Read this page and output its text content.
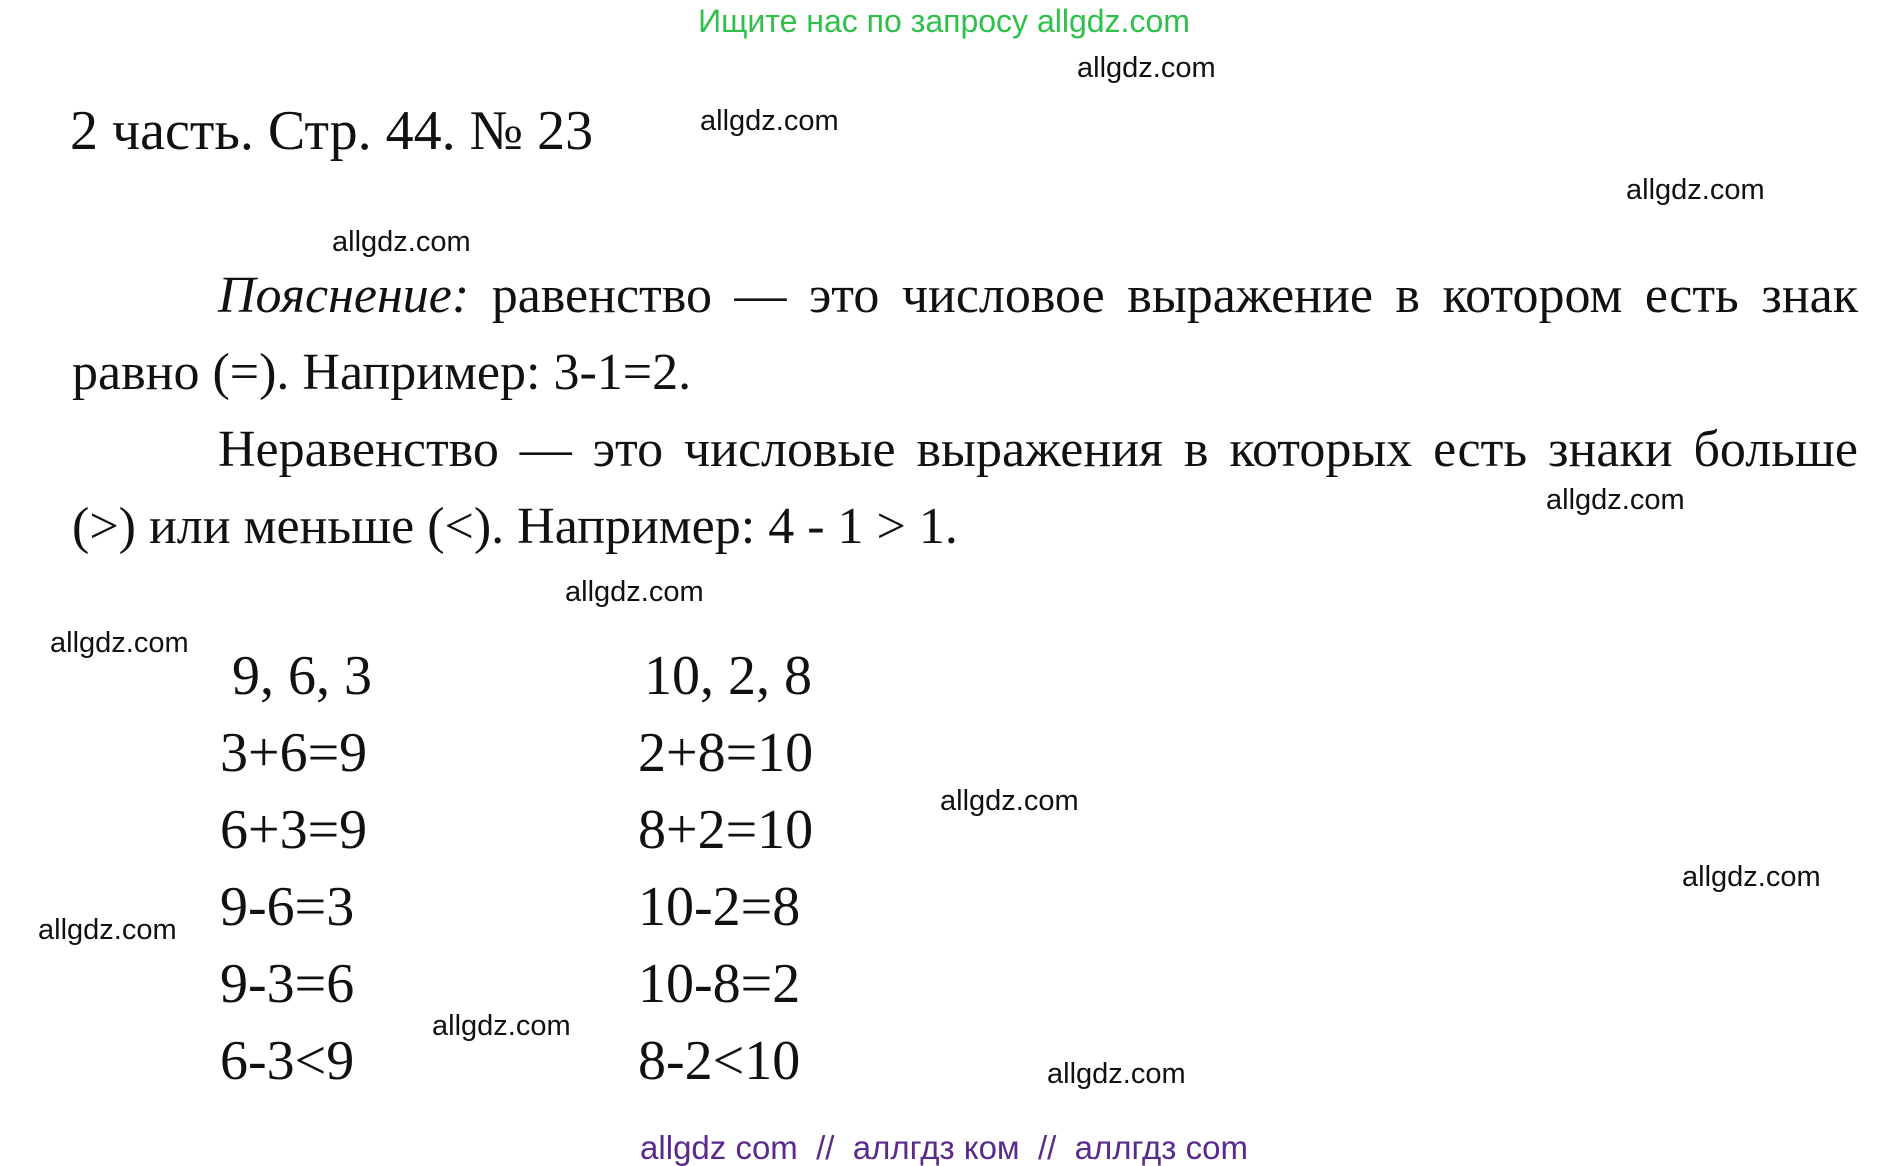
Ищите нас по запросу allgdz.com
2 часть. Стр. 44. № 23

Пояснение: равенство — это числовое выражение в котором есть знак равно (=). Например: 3-1=2.

Неравенство — это числовые выражения в которых есть знаки больше (>) или меньше (<). Например: 4 - 1 > 1.

9, 6, 3
3+6=9
6+3=9
9-6=3
9-3=6
6-3<9
10, 2, 8
2+8=10
8+2=10
10-2=8
10-8=2
8-2<10
allgdz.com
allgdz.com
allgdz.com
allgdz.com
allgdz.com
allgdz.com
allgdz.com
allgdz.com
allgdz.com
allgdz.com
allgdz.com
allgdz.com
allgdz com  //  аллгдз ком  //  аллгдз com
